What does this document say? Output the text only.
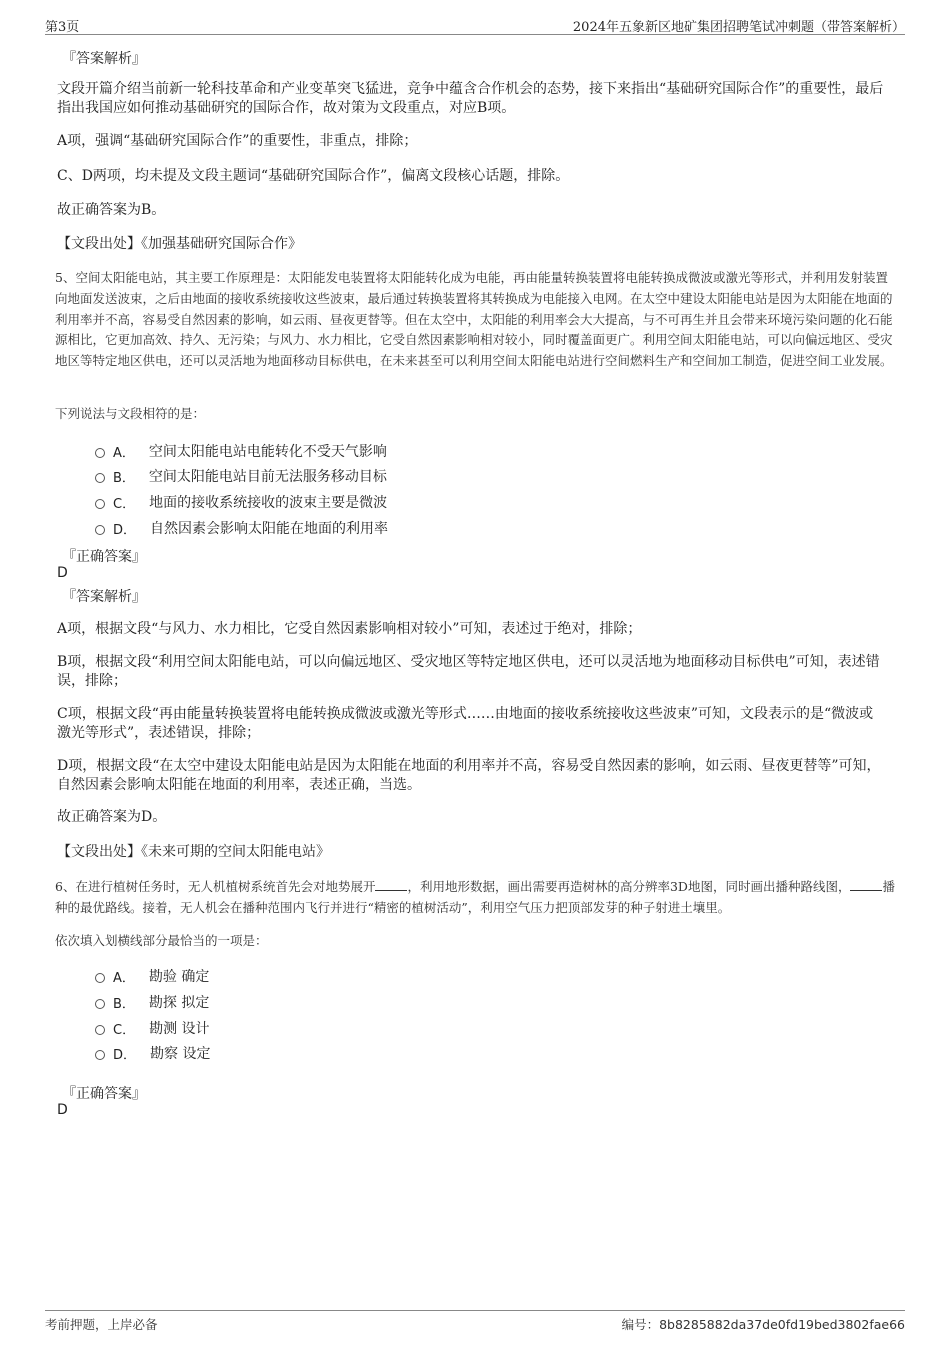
第3页	2024年五象新区地矿集团招聘笔试冲刺题（带答案解析）
『答案解析』
文段开篇介绍当前新一轮科技革命和产业变革突飞猛进，竞争中蕴含合作机会的态势，接下来指出“基础研究国际合作”的重要性，最后指出我国应如何推动基础研究的国际合作，故对策为文段重点，对应B项。
A项，强调“基础研究国际合作”的重要性，非重点，排除；
C、D两项，均未提及文段主题词“基础研究国际合作”，偏离文段核心话题，排除。
故正确答案为B。
【文段出处】《加强基础研究国际合作》
5、空间太阳能电站，其主要工作原理是：太阳能发电装置将太阳能转化成为电能，再由能量转换装置将电能转换成微波或激光等形式，并利用发射装置向地面发送波束，之后由地面的接收系统接收这些波束，最后通过转换装置将其转换成为电能接入电网。在太空中建设太阳能电站是因为太阳能在地面的利用率并不高，容易受自然因素的影响，如云雨、昼夜更替等。但在太空中，太阳能的利用率会大大提高，与不可再生并且会带来环境污染问题的化石能源相比，它更加高效、持久、无污染；与风力、水力相比，它受自然因素影响相对较小，同时覆盖面更广。利用空间太阳能电站，可以向偏远地区、受灾地区等特定地区供电，还可以灵活地为地面移动目标供电，在未来甚至可以利用空间太阳能电站进行空间燃料生产和空间加工制造，促进空间工业发展。
下列说法与文段相符的是：
A． 空间太阳能电站电能转化不受天气影响
B． 空间太阳能电站目前无法服务移动目标
C． 地面的接收系统接收的波束主要是微波
D． 自然因素会影响太阳能在地面的利用率
『正确答案』
D
『答案解析』
A项，根据文段“与风力、水力相比，它受自然因素影响相对较小”可知，表述过于绝对，排除；
B项，根据文段“利用空间太阳能电站，可以向偏远地区、受灾地区等特定地区供电，还可以灵活地为地面移动目标供电”可知，表述错误，排除；
C项，根据文段“再由能量转换装置将电能转换成微波或激光等形式……由地面的接收系统接收这些波束”可知，文段表示的是“微波或激光等形式”，表述错误，排除；
D项，根据文段“在太空中建设太阳能电站是因为太阳能在地面的利用率并不高，容易受自然因素的影响，如云雨、昼夜更替等”可知，自然因素会影响太阳能在地面的利用率，表述正确，当选。
故正确答案为D。
【文段出处】《未来可期的空间太阳能电站》
6、在进行植树任务时，无人机植树系统首先会对地势展开	，利用地形数据，画出需要再造树林的高分辨率3D地图，同时画出播种路线图，	播种的最优路线。接着，无人机会在播种范围内飞行并进行“精密的植树活动”，利用空气压力把顶部发芽的种子射进土壤里。
依次填入划横线部分最恰当的一项是：
A． 勘验 确定
B． 勘探 拟定
C． 勘测 设计
D． 勘察 设定
『正确答案』
D
考前押题，上岸必备	编号：8b8285882da37de0fd19bed3802fae66
